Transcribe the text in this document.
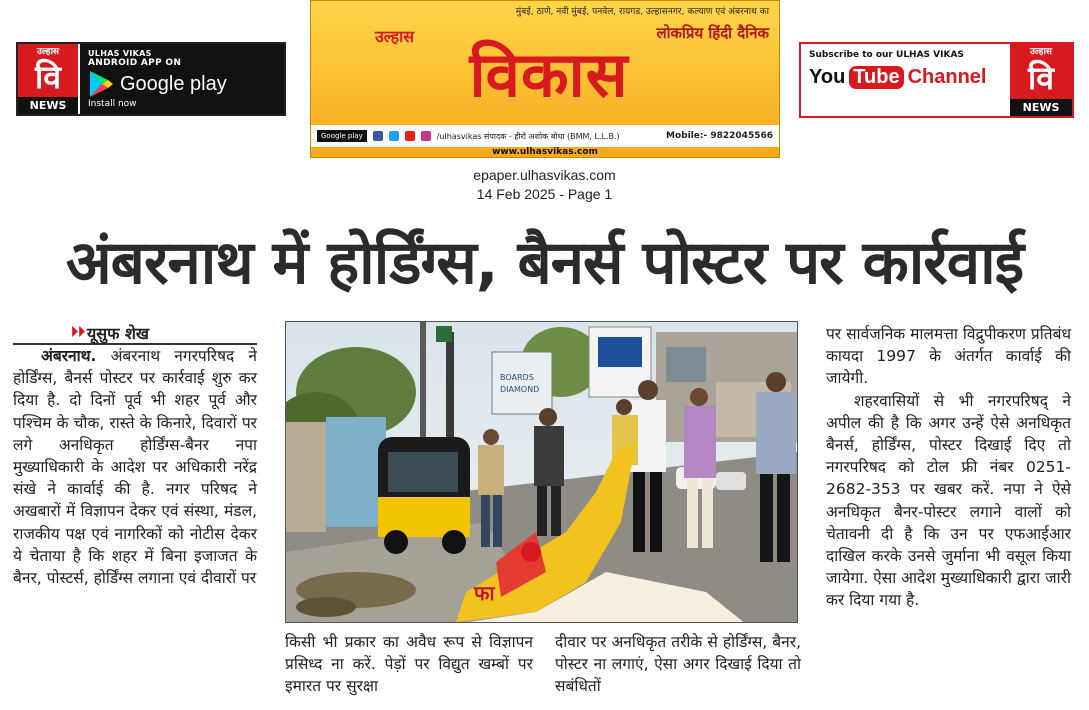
उल्हास
वि
NEWS
ULHAS VIKAS
ANDROID APP ON
Google play
Install now
मुंबई, ठाणे, नवी मुंबई, पनवेल, रायगड, उल्हासनगर, कल्याण एवं अंबरनाथ का
लोकप्रिय हिंदी दैनिक
उल्हास
विकास
Google play	/ulhasvikas संपादक - हीरो अशोक बोधा (BMM, L.L.B.)	Mobile:- 9822045566
www.ulhasvikas.com
Subscribe to our ULHAS VIKAS
You Tube Channel
उल्हास
वि
NEWS
epaper.ulhasvikas.com
14 Feb 2025 - Page 1
अंबरनाथ में होर्डिंग्स, बैनर्स पोस्टर पर कार्रवाई
⏵⏵ यूसुफ शेख

अंबरनाथ. अंबरनाथ नगरपरिषद ने होर्डिंग्स, बैनर्स पोस्टर पर कार्रवाई शुरु कर दिया है. दो दिनों पूर्व भी शहर पूर्व और पश्चिम के चौक, रास्ते के किनारे, दिवारों पर लगे अनधिकृत होर्डिंग्स-बैनर नपा मुख्याधिकारी के आदेश पर अधिकारी नरेंद्र संखे ने कार्वाई की है. नगर परिषद ने अखबारों में विज्ञापन देकर एवं संस्था, मंडल, राजकीय पक्ष एवं नागरिकों को नोटीस देकर ये चेताया है कि शहर में बिना इजाजत के बैनर, पोस्टर्स, होर्डिंग्स लगाना एवं दीवारों पर

BOARDS
DIAMOND
फा

किसी भी प्रकार का अवैध रूप से विज्ञापन प्रसिध्द ना करें. पेड़ों पर विद्युत खम्बों पर इमारत पर सुरक्षा

दीवार पर अनधिकृत तरीके से होर्डिंग्स, बैनर, पोस्टर ना लगाएं, ऐसा अगर दिखाई दिया तो सबंधितों

पर सार्वजनिक मालमत्ता विद्रुपीकरण प्रतिबंध कायदा 1997 के अंतर्गत कार्वाई की जायेगी.

शहरवासियों से भी नगरपरिषद् ने अपील की है कि अगर उन्हें ऐसे अनधिकृत बैनर्स, होर्डिंग्स, पोस्टर दिखाई दिए तो नगरपरिषद को टोल फ्री नंबर 0251-2682-353 पर खबर करें. नपा ने ऐसे अनधिकृत बैनर-पोस्टर लगाने वालों को चेतावनी दी है कि उन पर एफआईआर दाखिल करके उनसे जुर्माना भी वसूल किया जायेगा. ऐसा आदेश मुख्याधिकारी द्वारा जारी कर दिया गया है.
